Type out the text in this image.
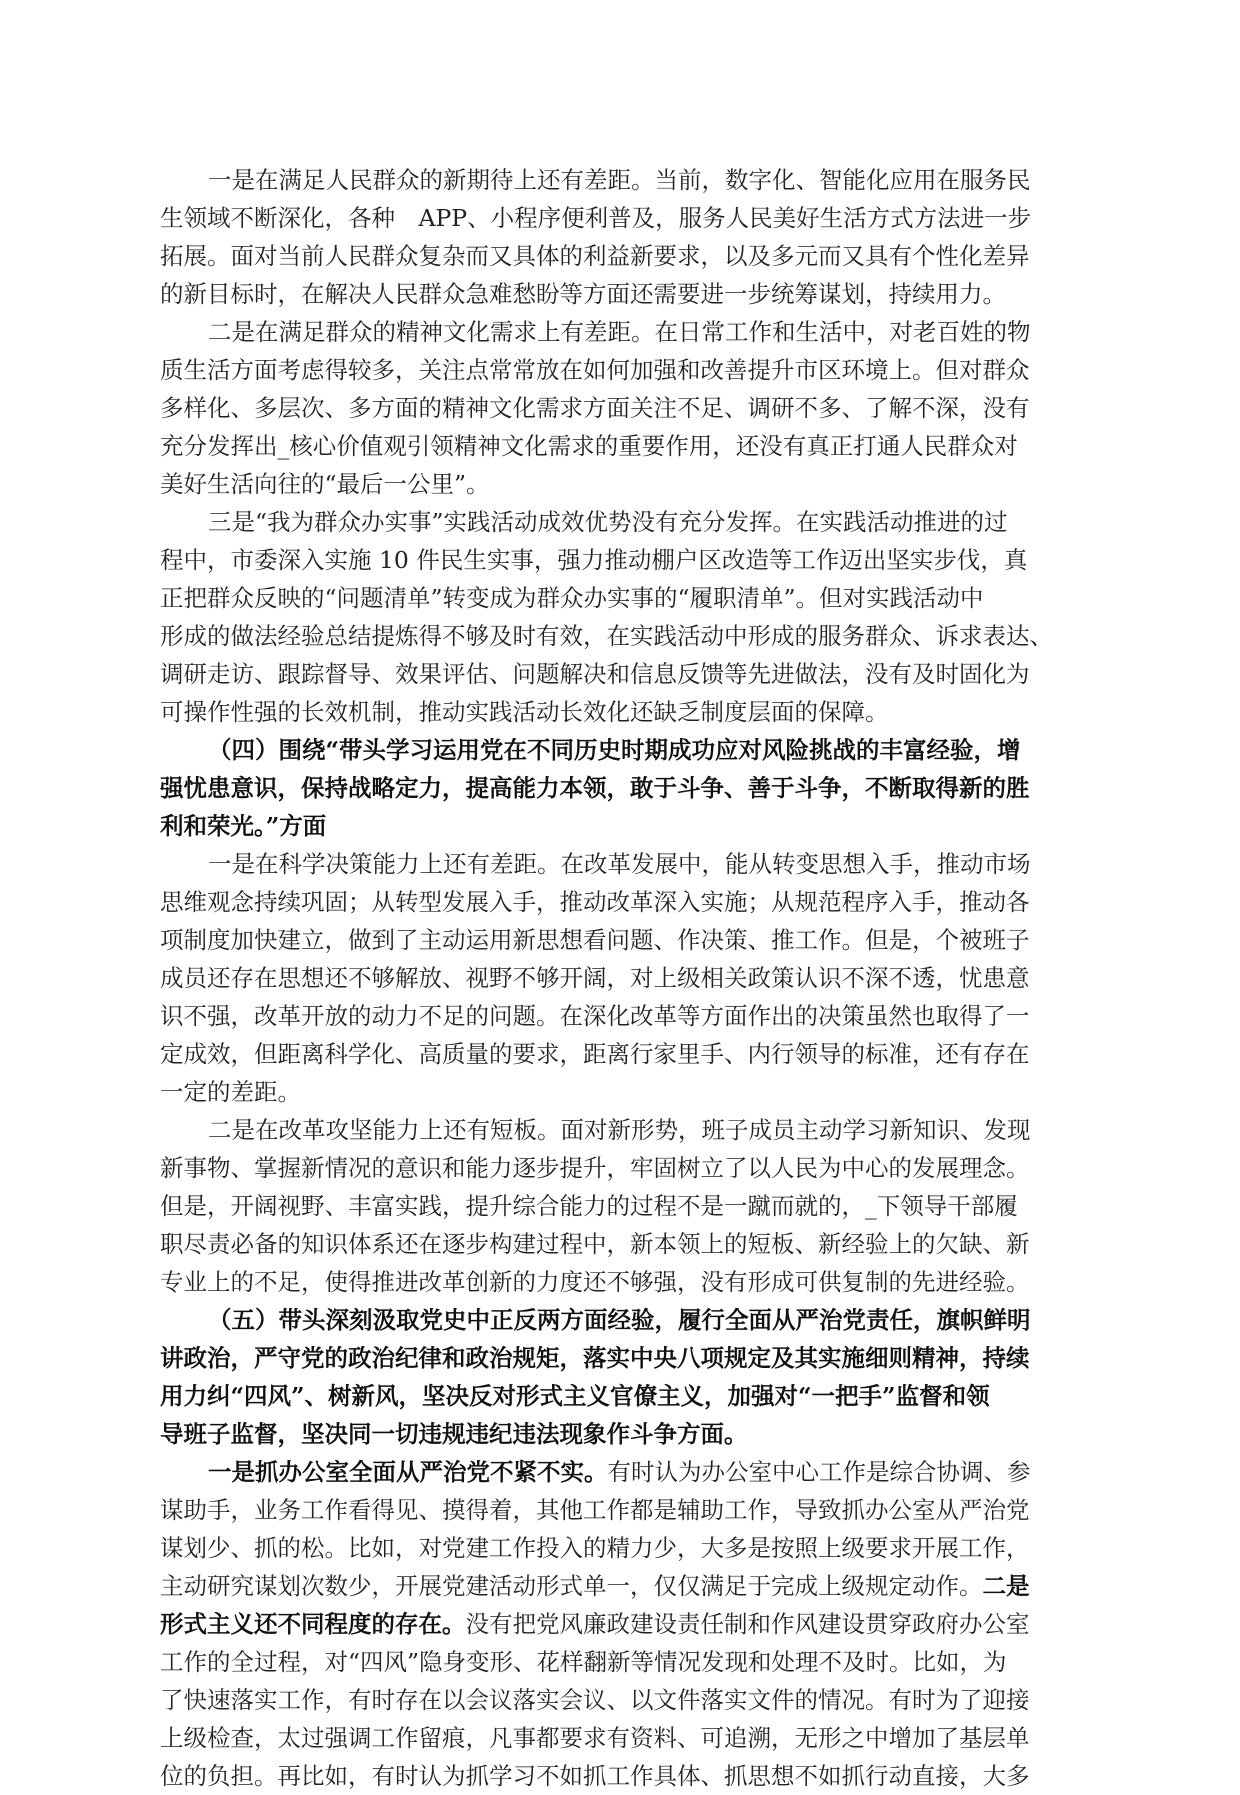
一是在满足人民群众的新期待上还有差距。当前，数字化、智能化应用在服务民
生领域不断深化，各种　APP、小程序便利普及，服务人民美好生活方式方法进一步
拓展。面对当前人民群众复杂而又具体的利益新要求，以及多元而又具有个性化差异
的新目标时，在解决人民群众急难愁盼等方面还需要进一步统筹谋划，持续用力。
二是在满足群众的精神文化需求上有差距。在日常工作和生活中，对老百姓的物
质生活方面考虑得较多，关注点常常放在如何加强和改善提升市区环境上。但对群众
多样化、多层次、多方面的精神文化需求方面关注不足、调研不多、了解不深，没有
充分发挥出_核心价值观引领精神文化需求的重要作用，还没有真正打通人民群众对
美好生活向往的“最后一公里”。
三是“我为群众办实事”实践活动成效优势没有充分发挥。在实践活动推进的过
程中，市委深入实施 10 件民生实事，强力推动棚户区改造等工作迈出坚实步伐，真
正把群众反映的“问题清单”转变成为群众办实事的“履职清单”。但对实践活动中
形成的做法经验总结提炼得不够及时有效，在实践活动中形成的服务群众、诉求表达、
调研走访、跟踪督导、效果评估、问题解决和信息反馈等先进做法，没有及时固化为
可操作性强的长效机制，推动实践活动长效化还缺乏制度层面的保障。
（四）围绕“带头学习运用党在不同历史时期成功应对风险挑战的丰富经验，增
强忧患意识，保持战略定力，提高能力本领，敢于斗争、善于斗争，不断取得新的胜
利和荣光。”方面
一是在科学决策能力上还有差距。在改革发展中，能从转变思想入手，推动市场
思维观念持续巩固；从转型发展入手，推动改革深入实施；从规范程序入手，推动各
项制度加快建立，做到了主动运用新思想看问题、作决策、推工作。但是，个被班子
成员还存在思想还不够解放、视野不够开阔，对上级相关政策认识不深不透，忧患意
识不强，改革开放的动力不足的问题。在深化改革等方面作出的决策虽然也取得了一
定成效，但距离科学化、高质量的要求，距离行家里手、内行领导的标准，还有存在
一定的差距。
二是在改革攻坚能力上还有短板。面对新形势，班子成员主动学习新知识、发现
新事物、掌握新情况的意识和能力逐步提升，牢固树立了以人民为中心的发展理念。
但是，开阔视野、丰富实践，提升综合能力的过程不是一蹴而就的，_下领导干部履
职尽责必备的知识体系还在逐步构建过程中，新本领上的短板、新经验上的欠缺、新
专业上的不足，使得推进改革创新的力度还不够强，没有形成可供复制的先进经验。
（五）带头深刻汲取党史中正反两方面经验，履行全面从严治党责任，旗帜鲜明
讲政治，严守党的政治纪律和政治规矩，落实中央八项规定及其实施细则精神，持续
用力纠“四风”、树新风，坚决反对形式主义官僚主义，加强对“一把手”监督和领
导班子监督，坚决同一切违规违纪违法现象作斗争方面。
一是抓办公室全面从严治党不紧不实。有时认为办公室中心工作是综合协调、参
谋助手，业务工作看得见、摸得着，其他工作都是辅助工作，导致抓办公室从严治党
谋划少、抓的松。比如，对党建工作投入的精力少，大多是按照上级要求开展工作，
主动研究谋划次数少，开展党建活动形式单一，仅仅满足于完成上级规定动作。二是
形式主义还不同程度的存在。没有把党风廉政建设责任制和作风建设贯穿政府办公室
工作的全过程，对“四风”隐身变形、花样翻新等情况发现和处理不及时。比如，为
了快速落实工作，有时存在以会议落实会议、以文件落实文件的情况。有时为了迎接
上级检查，太过强调工作留痕，凡事都要求有资料、可追溯，无形之中增加了基层单
位的负担。再比如，有时认为抓学习不如抓工作具体、抓思想不如抓行动直接，大多
